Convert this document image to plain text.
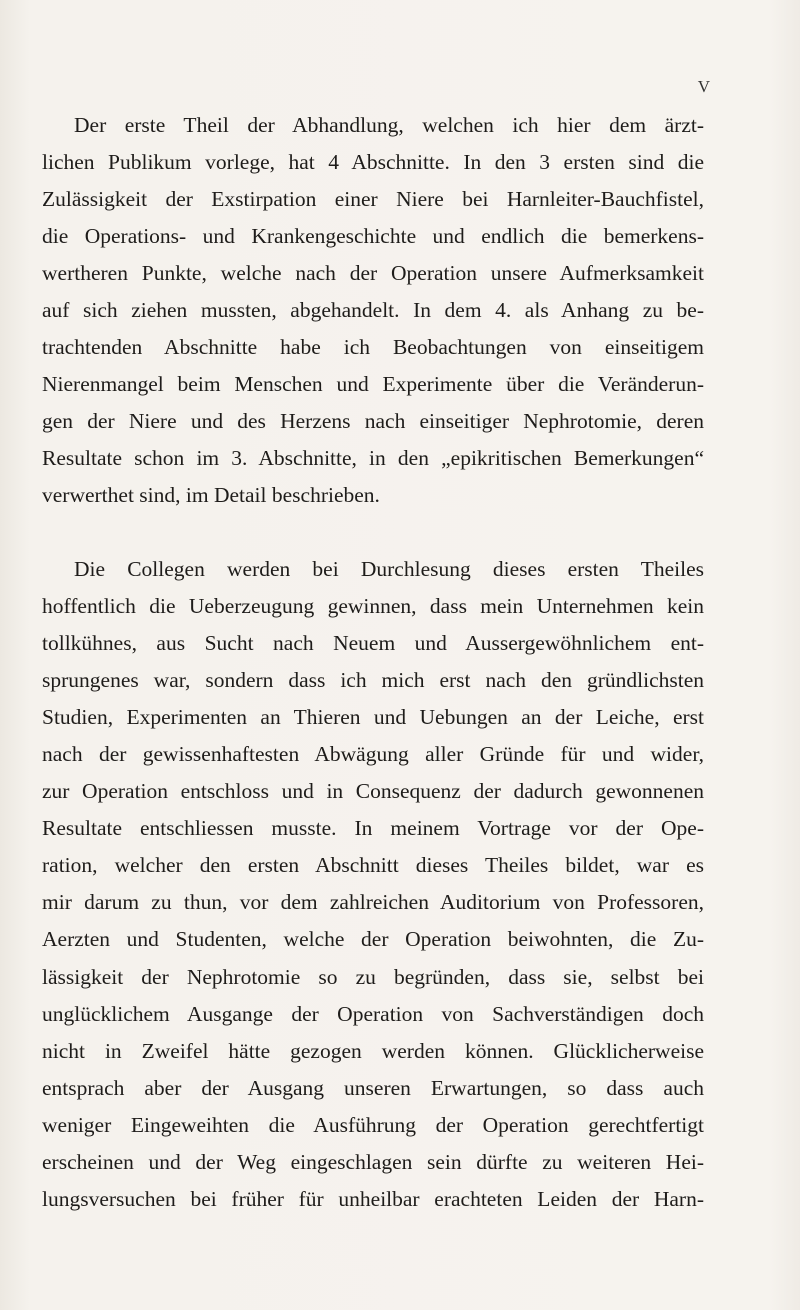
V
Der erste Theil der Abhandlung, welchen ich hier dem ärzt-
lichen Publikum vorlege, hat 4 Abschnitte. In den 3 ersten sind die
Zulässigkeit der Exstirpation einer Niere bei Harnleiter-Bauchfistel,
die Operations- und Krankengeschichte und endlich die bemerkens-
wertheren Punkte, welche nach der Operation unsere Aufmerksamkeit
auf sich ziehen mussten, abgehandelt. In dem 4. als Anhang zu be-
trachtenden Abschnitte habe ich Beobachtungen von einseitigem
Nierenmangel beim Menschen und Experimente über die Veränderun-
gen der Niere und des Herzens nach einseitiger Nephrotomie, deren
Resultate schon im 3. Abschnitte, in den „epikritischen Bemerkungen“
verwerthet sind, im Detail beschrieben.
Die Collegen werden bei Durchlesung dieses ersten Theiles
hoffentlich die Ueberzeugung gewinnen, dass mein Unternehmen kein
tollkühnes, aus Sucht nach Neuem und Aussergewöhnlichem ent-
sprungenes war, sondern dass ich mich erst nach den gründlichsten
Studien, Experimenten an Thieren und Uebungen an der Leiche, erst
nach der gewissenhaftesten Abwägung aller Gründe für und wider,
zur Operation entschloss und in Consequenz der dadurch gewonnenen
Resultate entschliessen musste. In meinem Vortrage vor der Ope-
ration, welcher den ersten Abschnitt dieses Theiles bildet, war es
mir darum zu thun, vor dem zahlreichen Auditorium von Professoren,
Aerzten und Studenten, welche der Operation beiwohnten, die Zu-
lässigkeit der Nephrotomie so zu begründen, dass sie, selbst bei
unglücklichem Ausgange der Operation von Sachverständigen doch
nicht in Zweifel hätte gezogen werden können. Glücklicherweise
entsprach aber der Ausgang unseren Erwartungen, so dass auch
weniger Eingeweihten die Ausführung der Operation gerechtfertigt
erscheinen und der Weg eingeschlagen sein dürfte zu weiteren Hei-
lungsversuchen bei früher für unheilbar erachteten Leiden der Harn-
